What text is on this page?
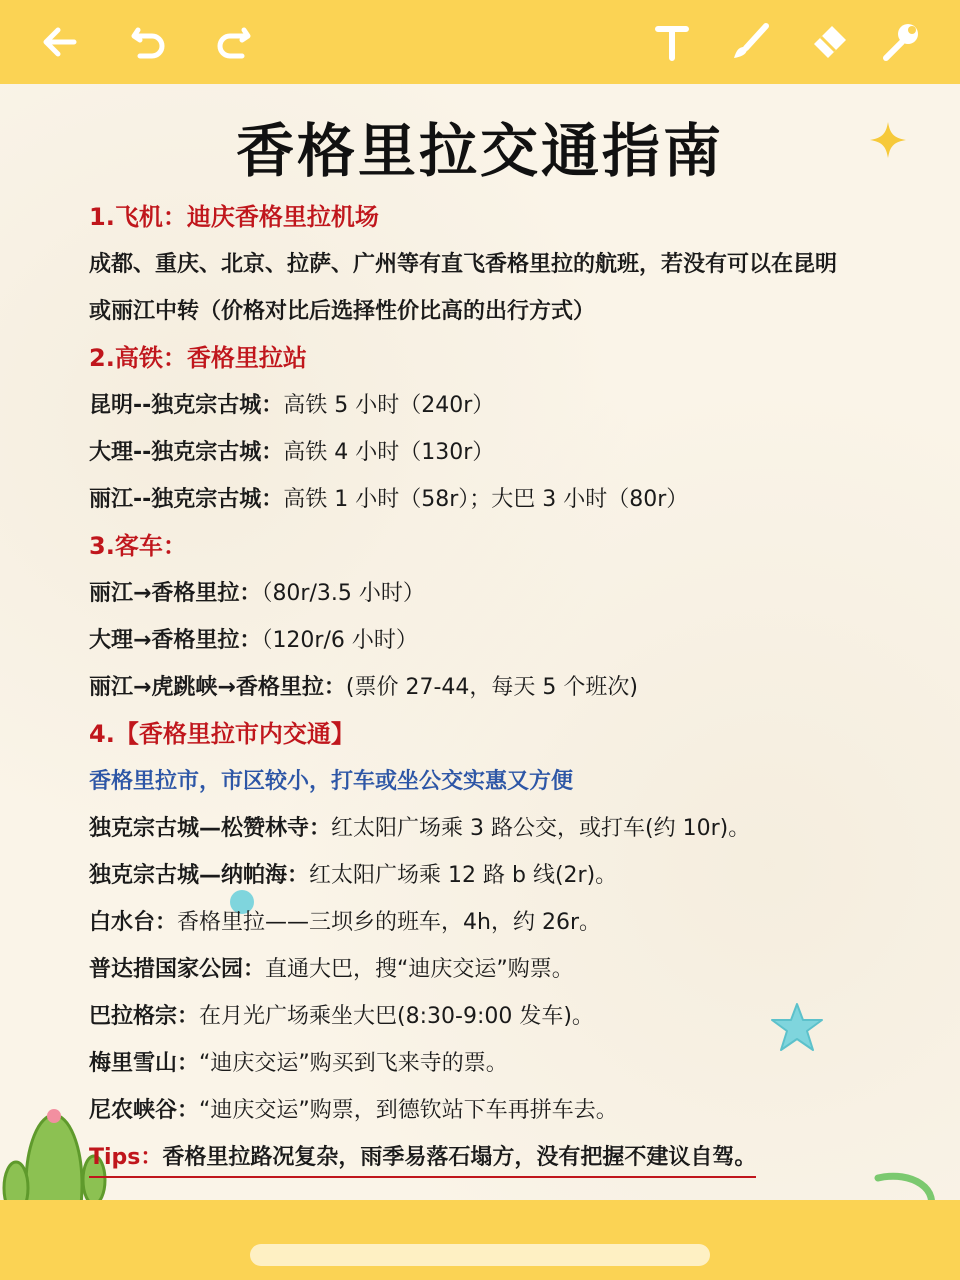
香格里拉交通指南
1.飞机：迪庆香格里拉机场
成都、重庆、北京、拉萨、广州等有直飞香格里拉的航班，若没有可以在昆明
或丽江中转（价格对比后选择性价比高的出行方式）
2.高铁：香格里拉站
昆明--独克宗古城：高铁 5 小时（240r）
大理--独克宗古城：高铁 4 小时（130r）
丽江--独克宗古城：高铁 1 小时（58r）；大巴 3 小时（80r）
3.客车：
丽江→香格里拉：（80r/3.5 小时）
大理→香格里拉：（120r/6 小时）
丽江→虎跳峡→香格里拉：(票价 27-44，每天 5 个班次)
4.【香格里拉市内交通】
香格里拉市，市区较小，打车或坐公交实惠又方便
独克宗古城—松赞林寺：红太阳广场乘 3 路公交，或打车(约 10r)。
独克宗古城—纳帕海：红太阳广场乘 12 路 b 线(2r)。
白水台：香格里拉——三坝乡的班车，4h，约 26r。
普达措国家公园：直通大巴，搜“迪庆交运”购票。
巴拉格宗：在月光广场乘坐大巴(8:30-9:00 发车)。
梅里雪山：“迪庆交运”购买到飞来寺的票。
尼农峡谷：“迪庆交运”购票，到德钦站下车再拼车去。
Tips：香格里拉路况复杂，雨季易落石塌方，没有把握不建议自驾。
